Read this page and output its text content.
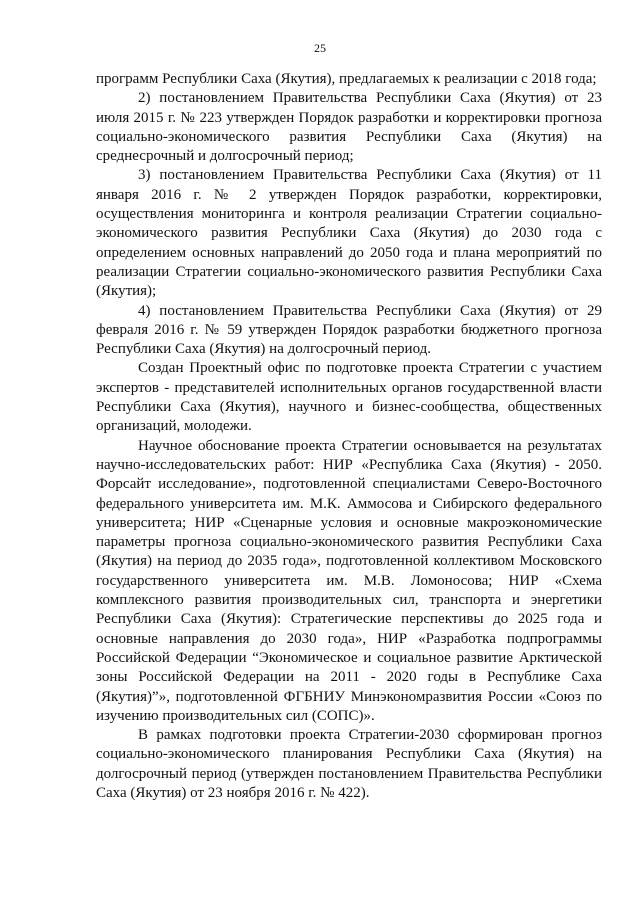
25

программ Республики Саха (Якутия), предлагаемых к реализации с 2018 года;

2) постановлением Правительства Республики Саха (Якутия) от 23 июля 2015 г. № 223 утвержден Порядок разработки и корректировки прогноза социально-экономического развития Республики Саха (Якутия) на среднесрочный и долгосрочный период;

3) постановлением Правительства Республики Саха (Якутия) от 11 января 2016 г. № 2 утвержден Порядок разработки, корректировки, осуществления мониторинга и контроля реализации Стратегии социально-экономического развития Республики Саха (Якутия) до 2030 года с определением основных направлений до 2050 года и плана мероприятий по реализации Стратегии социально-экономического развития Республики Саха (Якутия);

4) постановлением Правительства Республики Саха (Якутия) от 29 февраля 2016 г. № 59 утвержден Порядок разработки бюджетного прогноза Республики Саха (Якутия) на долгосрочный период.

Создан Проектный офис по подготовке проекта Стратегии с участием экспертов - представителей исполнительных органов государственной власти Республики Саха (Якутия), научного и бизнес-сообщества, общественных организаций, молодежи.

Научное обоснование проекта Стратегии основывается на результатах научно-исследовательских работ: НИР «Республика Саха (Якутия) - 2050. Форсайт исследование», подготовленной специалистами Северо-Восточного федерального университета им. М.К. Аммосова и Сибирского федерального университета; НИР «Сценарные условия и основные макроэкономические параметры прогноза социально-экономического развития Республики Саха (Якутия) на период до 2035 года», подготовленной коллективом Московского государственного университета им. М.В. Ломоносова; НИР «Схема комплексного развития производительных сил, транспорта и энергетики Республики Саха (Якутия): Стратегические перспективы до 2025 года и основные направления до 2030 года», НИР «Разработка подпрограммы Российской Федерации “Экономическое и социальное развитие Арктической зоны Российской Федерации на 2011 - 2020 годы в Республике Саха (Якутия)”», подготовленной ФГБНИУ Минэкономразвития России «Союз по изучению производительных сил (СОПС)».

В рамках подготовки проекта Стратегии-2030 сформирован прогноз социально-экономического планирования Республики Саха (Якутия) на долгосрочный период (утвержден постановлением Правительства Республики Саха (Якутия) от 23 ноября 2016 г. № 422).
